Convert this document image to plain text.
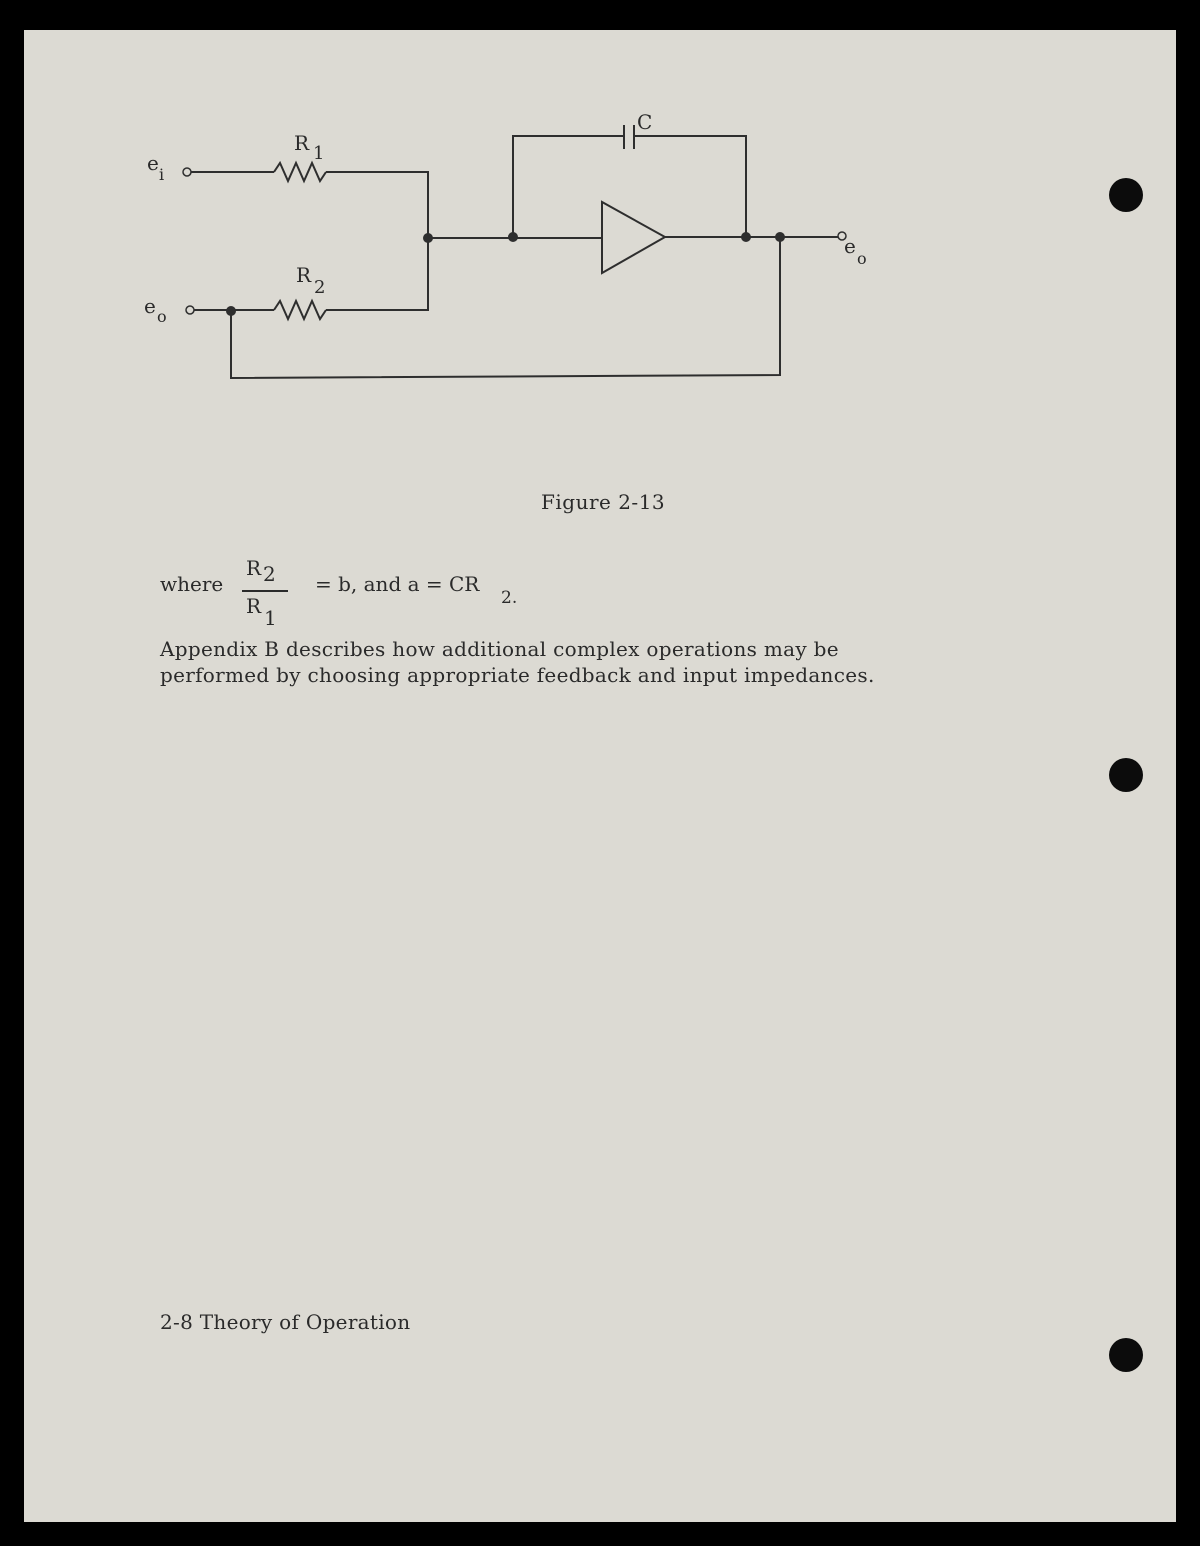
e i
R 1
R
2
C
e o
e
o
Figure 2-13
where
R 2
R 1
= b, and a = CR
2.
Appendix B describes how additional complex operations may be
performed by choosing appropriate feedback and input impedances.
2-8 Theory of Operation
